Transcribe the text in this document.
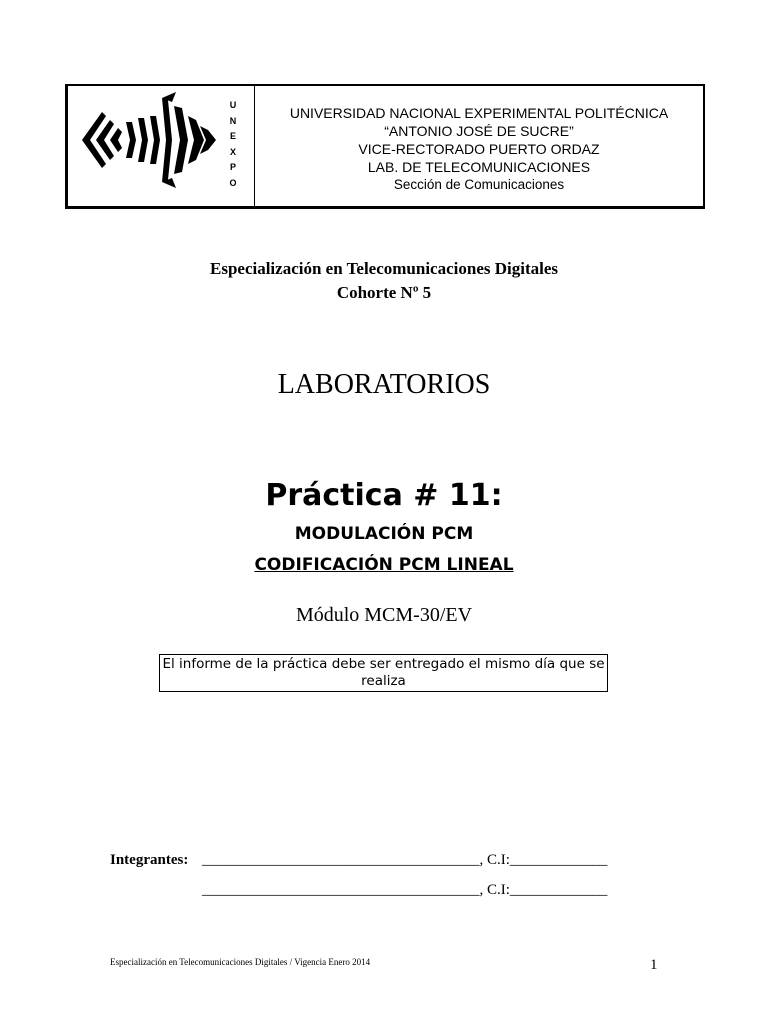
U
N
E
X
P
O
UNIVERSIDAD NACIONAL EXPERIMENTAL POLITÉCNICA
“ANTONIO JOSÉ DE SUCRE”
VICE-RECTORADO PUERTO ORDAZ
LAB. DE TELECOMUNICACIONES
Sección de Comunicaciones
Especialización en Telecomunicaciones Digitales
Cohorte Nº 5
LABORATORIOS
Práctica # 11:
MODULACIÓN PCM
CODIFICACIÓN PCM LINEAL
Módulo MCM-30/EV
El informe de la práctica debe ser entregado el mismo día que se realiza
Integrantes: _____________________________________, C.I:_____________
_____________________________________, C.I:_____________
Especialización en Telecomunicaciones Digitales / Vigencia Enero 2014	1
